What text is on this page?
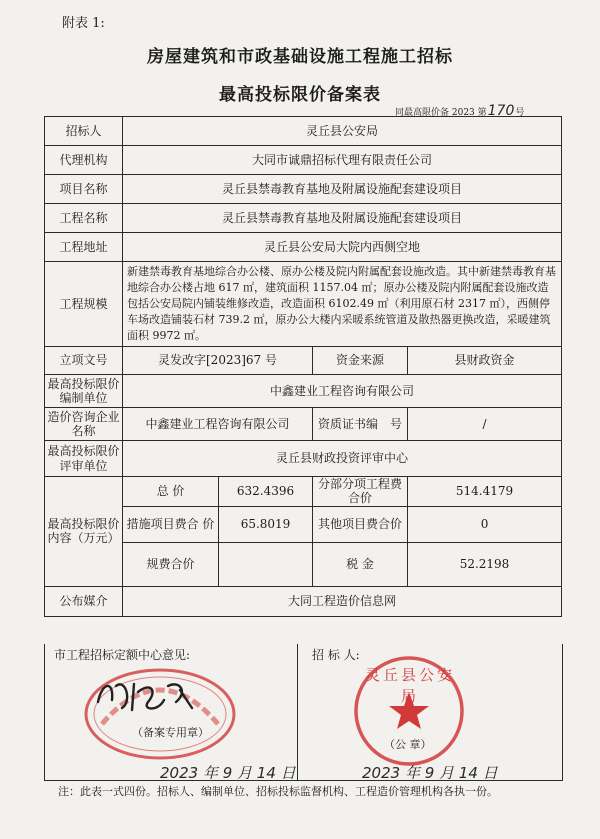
附表 1:
房屋建筑和市政基础设施工程施工招标
最高投标限价备案表
同最高限价备 2023 第170号
招标人	灵丘县公安局			
代理机构	大同市诚鼎招标代理有限责任公司			
项目名称	灵丘县禁毒教育基地及附属设施配套建设项目			
工程名称	灵丘县禁毒教育基地及附属设施配套建设项目			
工程地址	灵丘县公安局大院内西侧空地			
工程规模	新建禁毒教育基地综合办公楼、原办公楼及院内附属配套设施改造。其中新建禁毒教育基地综合办公楼占地 617 ㎡，建筑面积 1157.04 ㎡；原办公楼及院内附属配套设施改造包括公安局院内铺装维修改造，改造面积 6102.49 ㎡（利用原石材 2317 ㎡），西侧停车场改造铺装石材 739.2 ㎡，原办公大楼内采暖系统管道及散热器更换改造，采暖建筑面积 9972 ㎡。			
立项文号	灵发改字[2023]67 号		资金来源	县财政资金
最高投标限价编制单位	中鑫建业工程咨询有限公司			
造价咨询企业名称	中鑫建业工程咨询有限公司		资质证书编　号	/
最高投标限价评审单位	灵丘县财政投资评审中心			
最高投标限价内容（万元）	总 价	632.4396	分部分项工程费合价	514.4179
	措施项目费合 价	65.8019	其他项目费合价	0
	规费合价		税 金	52.2198
公布媒介	大同工程造价信息网			
市工程招标定额中心意见:	招 标 人:
（备案专用章）
2023 年 9 月 14 日
灵丘县公安局
（公 章）
2023 年 9 月 14 日
注：此表一式四份。招标人、编制单位、招标投标监督机构、工程造价管理机构各执一份。
